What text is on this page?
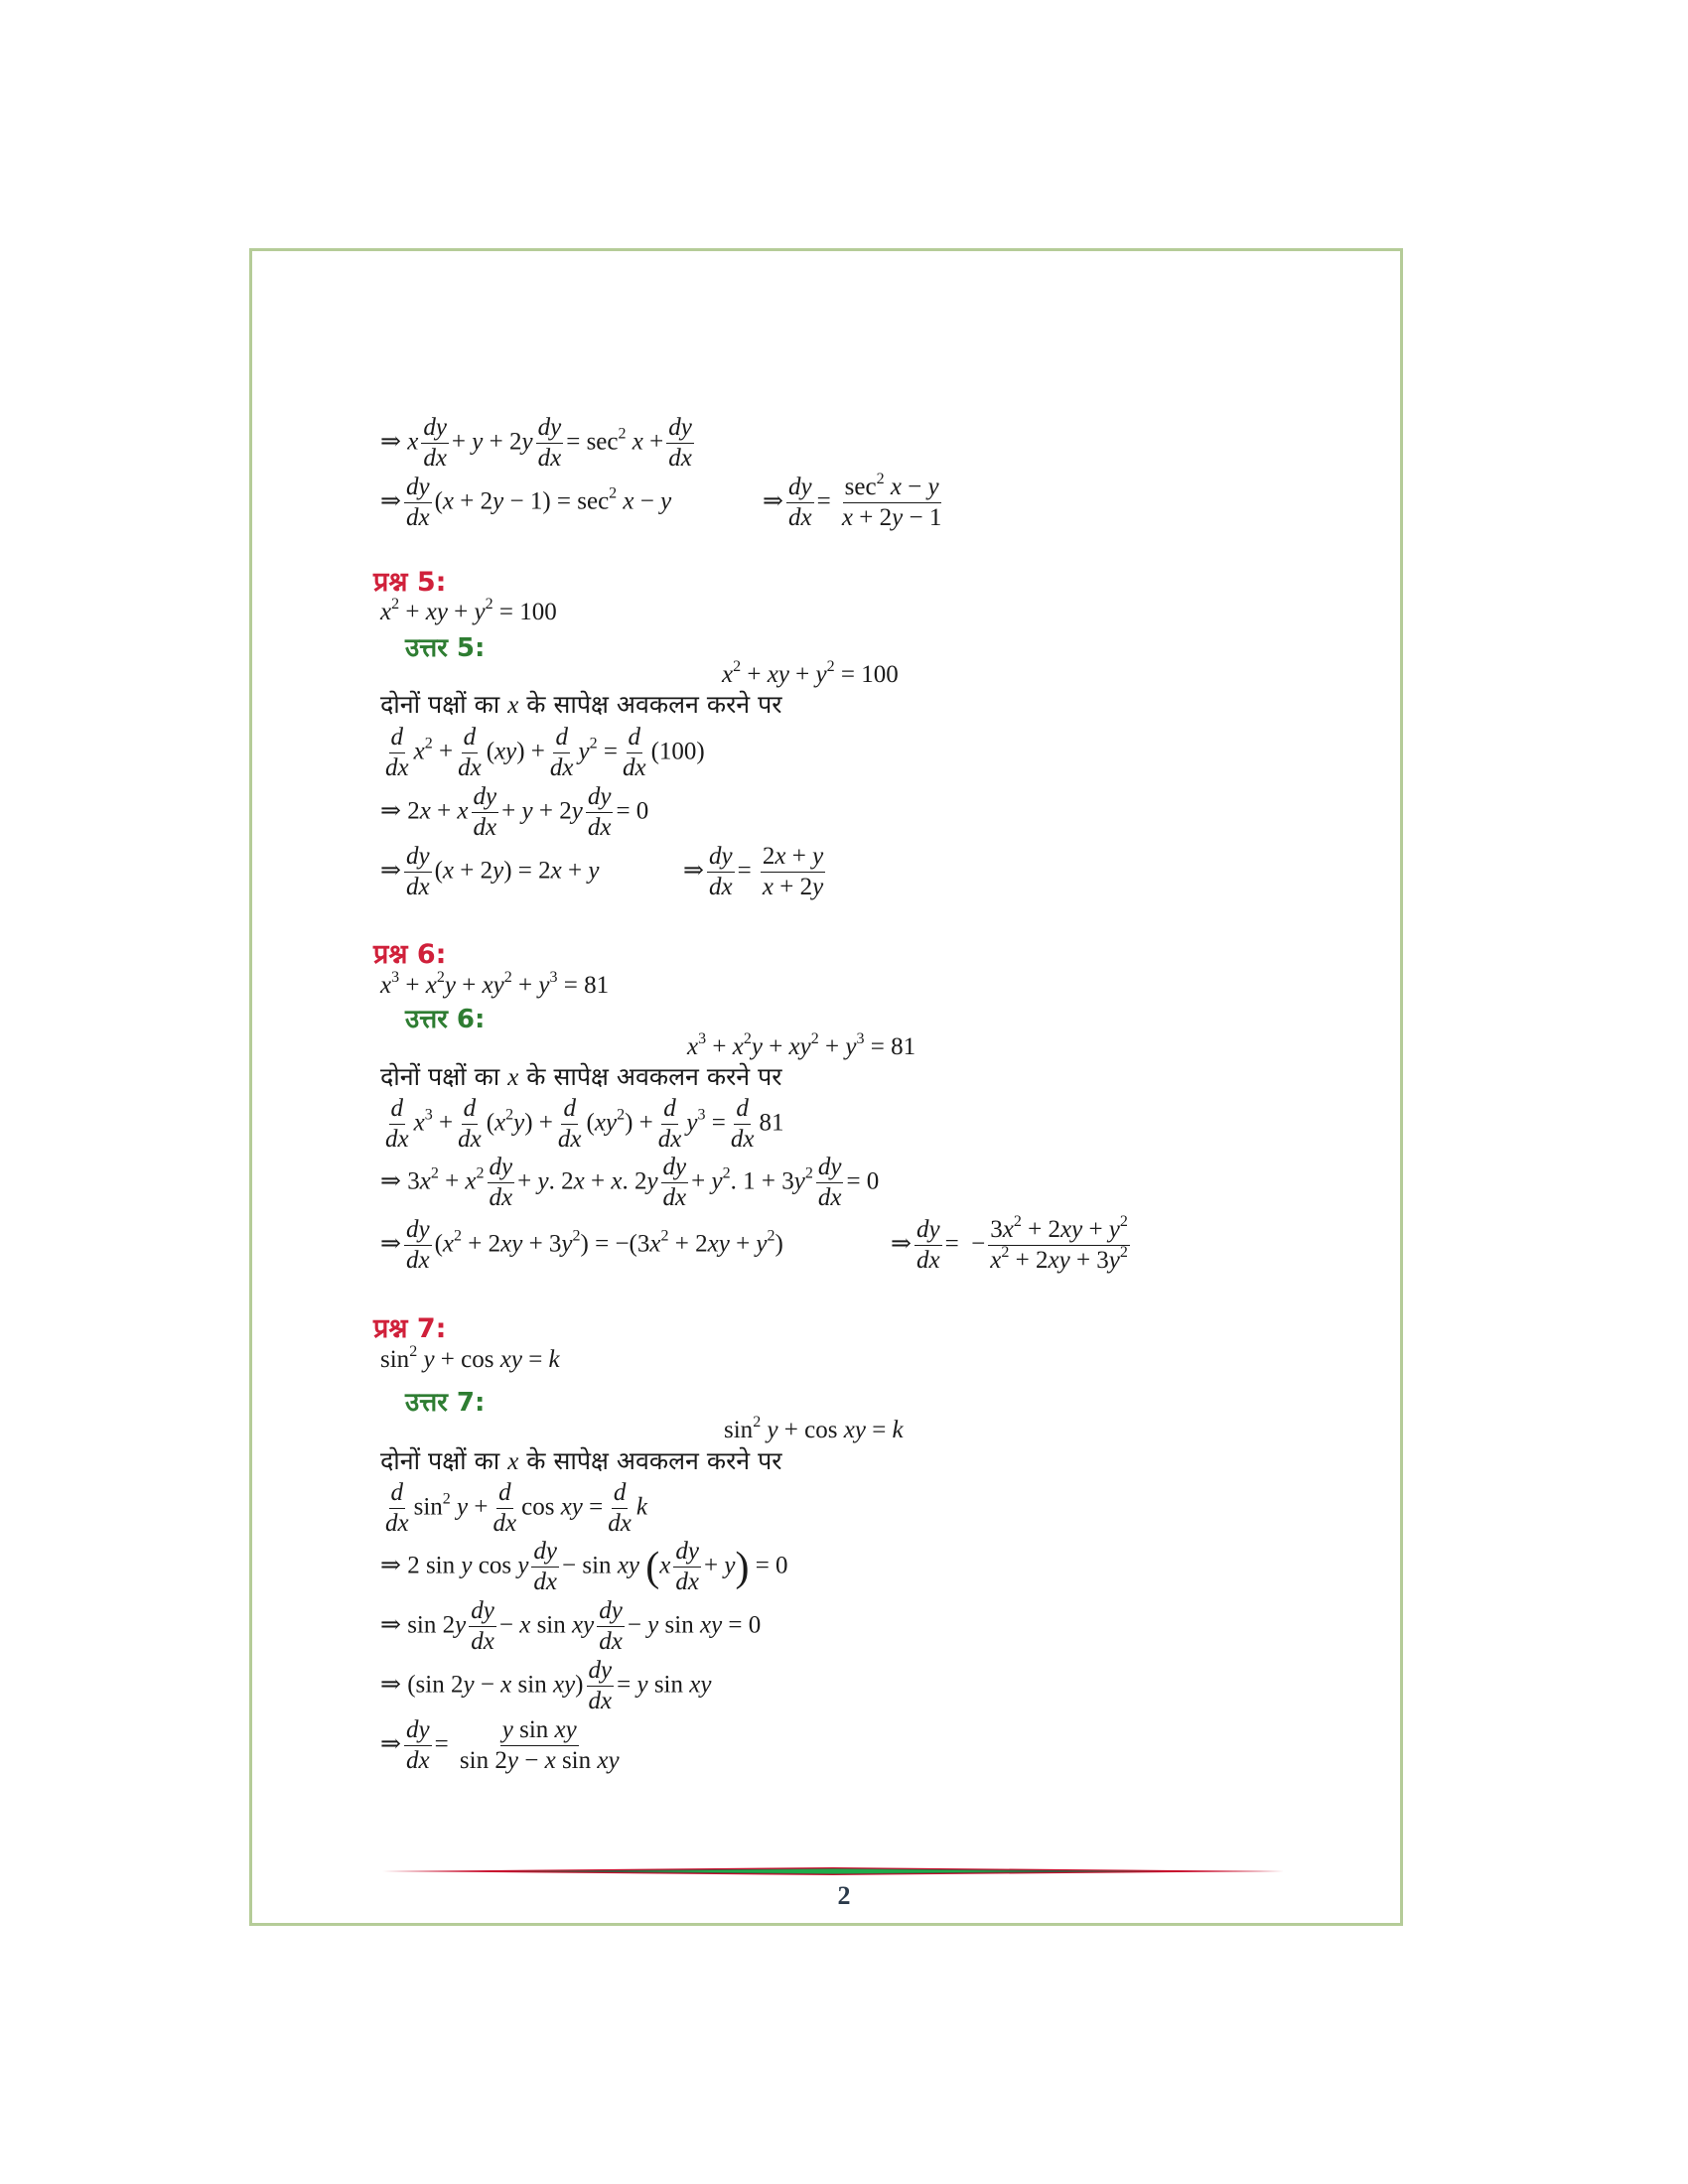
⇒ x $\frac{dy}{dx} + y + 2y \frac{dy}{dx} = \sec^2 x + \frac{dy}{dx}$
⇒ $\frac{dy}{dx} (x + 2y - 1) = \sec^2 x - y$	⇒ $\frac{dy}{dx} = \frac{\sec^2 x - y}{x + 2y - 1}$
प्रश्न 5:
$x^2$ + xy + $y^2 = 100$
उत्तर 5:
$x^2$ + xy + $y^2 = 100$
दोनों पक्षों का x के सापेक्ष अवकलन करने पर
$\frac{d}{dx} x^2 + \frac{d}{dx} (xy) + \frac{d}{dx} y^2 = \frac{d}{dx} (100)$
⇒ 2x + x $\frac{dy}{dx} + y + 2y \frac{dy}{dx} = 0$
⇒ $\frac{dy}{dx} (x + 2y) = 2x + y$	⇒ $\frac{dy}{dx} = \frac{2x + y}{x + 2y}$
प्रश्न 6:
$x^3 + x^2y + xy^2 + y^3 = 81$
उत्तर 6:
$x^3 + x^2y + xy^2 + y^3 = 81$
दोनों पक्षों का x के सापेक्ष अवकलन करने पर
$\frac{d}{dx} x^3 + \frac{d}{dx} (x^2y) + \frac{d}{dx} (xy^2) + \frac{d}{dx} y^3 = \frac{d}{dx} 81$
⇒ $3x^2 + x^2 \frac{dy}{dx} + y$. 2x + x. $2y \frac{dy}{dx} + y^2$. $1 + 3y^2 \frac{dy}{dx} = 0$
⇒ $\frac{dy}{dx} (x^2 + 2xy + 3y^2) = -(3x^2 + 2xy + y^2)$	⇒ $\frac{dy}{dx}$ =  − $\frac{3x^2 + 2xy + y^2}{x^2 + 2xy + 3y^2}$
प्रश्न 7:
$\sin^2 y + \cos$ xy = k
उत्तर 7:
$\sin^2 y + \cos$ xy = k
दोनों पक्षों का x के सापेक्ष अवकलन करने पर
$\frac{d}{dx} \sin^2 y + \frac{d}{dx}$ cos xy = $\frac{d}{dx}$ k
⇒ 2 sin y cos y $\frac{dy}{dx} - \sin$ xy $(x \frac{dy}{dx} + y) = 0$
⇒ $\sin 2y \frac{dy}{dx} - x$ sin xy $\frac{dy}{dx} - y$ sin xy = 0
⇒ (sin 2y − x $\sin xy) \frac{dy}{dx} = y$ sin xy
⇒ $\frac{dy}{dx} = \frac{\text{y sin xy}}{\text{sin 2y − x sin xy}}$
2
